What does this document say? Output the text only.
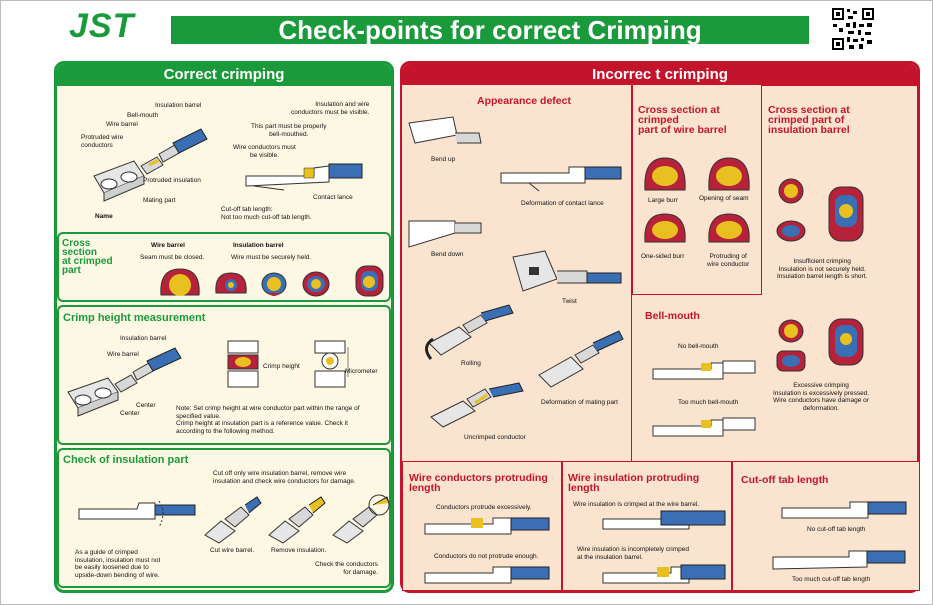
JST	Check-points for correct Crimping
Correct crimping
Insulation barrel
Bell-mouth
Wire barrel
Protruded wire
conductors
Protruded insulation
Mating part
Name
Insulation and wire
conductors must be visible.
This part must be properly
bell-mouthed.
Wire conductors must
be visible.
Contact lance
Cut-off tab length:
Not too much cut-off tab length.
Cross
section
at crimped
part
Wire barrel
Seam must be closed.
Insulation barrel
Wire must be securely held.
Crimp height measurement
Insulation barrel
Wire barrel
Center
Center
Crimp height
Micrometer
Note: Set crimp height at wire conductor part within the range of
specified value.
Crimp height at insulation part is a reference value. Check it
according to the following method.
Check of insulation part
Cut off only wire insulation barrel, remove wire
insulation and check wire conductors for damage.
As a guide of crimped
insulation, insulation must not
be easily loosened due to
upside-down bending of wire.
Cut wire barrel.	Remove insulation.
Check the conductors
for damage.
Incorrec t crimping
Appearance defect
Bend up
Deformation of contact lance
Bend down
Twist
Rolling
Deformation of mating part
Uncrimped conductor
Cross section at
crimped
part of wire barrel
Large burr	Opening of seam
One-sided burr	Protruding of
wire conductor
Cross section at
crimped part of
insulation barrel
Insufficient crimping
Insulation is not securely held.
Insulation barrel length is short.
Excessive crimping
Insulation is excessively pressed.
Wire conductors have damage or
deformation.
Bell-mouth
No bell-mouth
Too much bell-mouth
Wire conductors protruding
length
Conductors protrude excessively.
Conductors do not protrude enough.
Wire insulation protruding
length
Wire insulation is crimped at the wire barrel.
Wire insulation is incompletely crimped
at the insulation barrel.
Cut-off tab length
No cut-off tab length
Too much cut-off tab length
